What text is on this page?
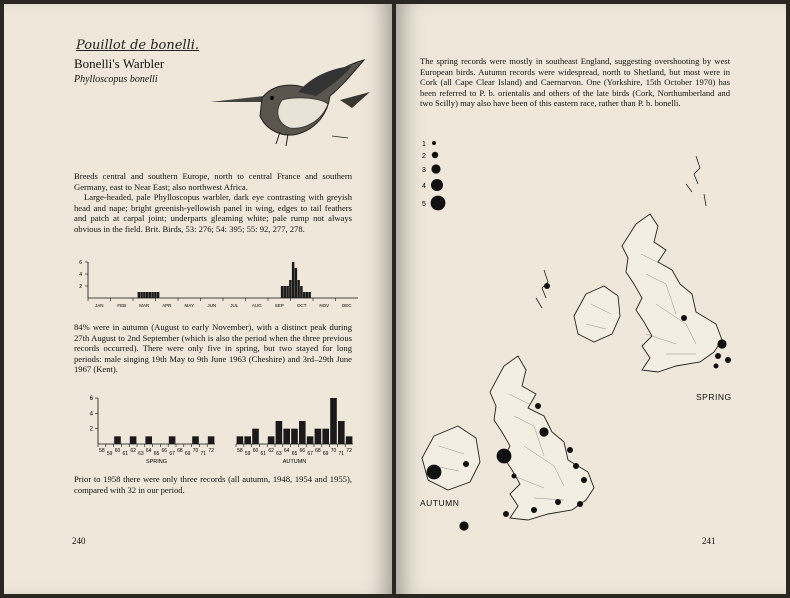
Pouillot de bonelli.
Bonelli's Warbler
Phylloscopus bonelli

Breeds central and southern Europe, north to central France and southern Germany, east to Near East; also northwest Africa.

Large-headed, pale Phylloscopus warbler, dark eye contrasting with greyish head and nape; bright greenish-yellowish panel in wing, edges to tail feathers and patch at carpal joint; underparts gleaming white; pale rump not always obvious in the field. Brit. Birds, 53: 276; 54: 395; 55: 92, 277, 278.

6
4
2
JAN	FEB	MAR	APR	MAY	JUN	JUL	AUG	SEP	OCT	NOV	DEC

84% were in autumn (August to early November), with a distinct peak during 27th August to 2nd September (which is also the period when the three previous records occurred). There were only five in spring, but two stayed for long periods: male singing 19th May to 9th June 1963 (Cheshire) and 3rd–29th June 1967 (Kent).

6
4
2
58 59 60 61 62 63 64 65 66 67 68 69 70 71 72
SPRING
58 59 60 61 62 63 64 65 66 67 68 69 70 71 72
AUTUMN

Prior to 1958 there were only three records (all autumn, 1948, 1954 and 1955), compared with 32 in our period.

240

The spring records were mostly in southeast England, suggesting overshooting by west European birds. Autumn records were widespread, north to Shetland, but most were in Cork (all Cape Clear Island) and Caernarvon. One (Yorkshire, 15th October 1970) has been referred to P. b. orientalis and others of the late birds (Cork, Northumberland and two Scilly) may also have been of this eastern race, rather than P. b. bonelli.

1
2
3
4
5
SPRING
AUTUMN
241
